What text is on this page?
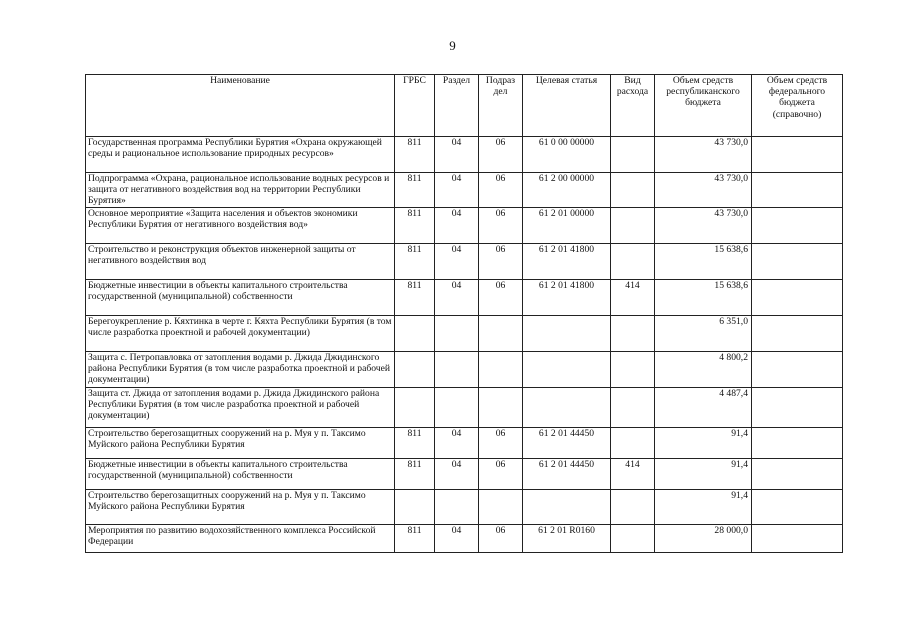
9
Наименование	ГРБС	Раздел	Подраз дел	Целевая статья	Вид расхода	Объем средств республиканского бюджета	Объем средств федерального бюджета (справочно)
Государственная программа Республики Бурятия «Охрана окружающей среды и рациональное использование природных ресурсов»	811	04	06	61 0 00 00000		43 730,0	
Подпрограмма «Охрана, рациональное использование водных ресурсов и защита от негативного воздействия вод на территории Республики Бурятия»	811	04	06	61 2 00 00000		43 730,0	
Основное мероприятие «Защита населения и объектов экономики Республики Бурятия от негативного воздействия вод»	811	04	06	61 2 01 00000		43 730,0	
Строительство и реконструкция объектов инженерной защиты от негативного воздействия вод	811	04	06	61 2 01 41800		15 638,6	
Бюджетные инвестиции в объекты капитального строительства государственной (муниципальной) собственности	811	04	06	61 2 01 41800	414	15 638,6	
Берегоукрепление р. Кяхтинка в черте г. Кяхта Республики Бурятия (в том числе разработка проектной и рабочей документации)						6 351,0	
Защита с. Петропавловка от затопления водами р. Джида Джидинского района Республики Бурятия (в том числе разработка проектной и рабочей документации)						4 800,2	
Защита ст. Джида от затопления водами р. Джида Джидинского района Республики Бурятия (в том числе разработка проектной и рабочей документации)						4 487,4	
Строительство берегозащитных сооружений на р. Муя у п. Таксимо Муйского района Республики Бурятия	811	04	06	61 2 01 44450		91,4	
Бюджетные инвестиции в объекты капитального строительства государственной (муниципальной) собственности	811	04	06	61 2 01 44450	414	91,4	
Строительство берегозащитных сооружений на р. Муя у п. Таксимо Муйского района Республики Бурятия						91,4	
Мероприятия по развитию водохозяйственного комплекса Российской Федерации	811	04	06	61 2 01 R0160		28 000,0	
